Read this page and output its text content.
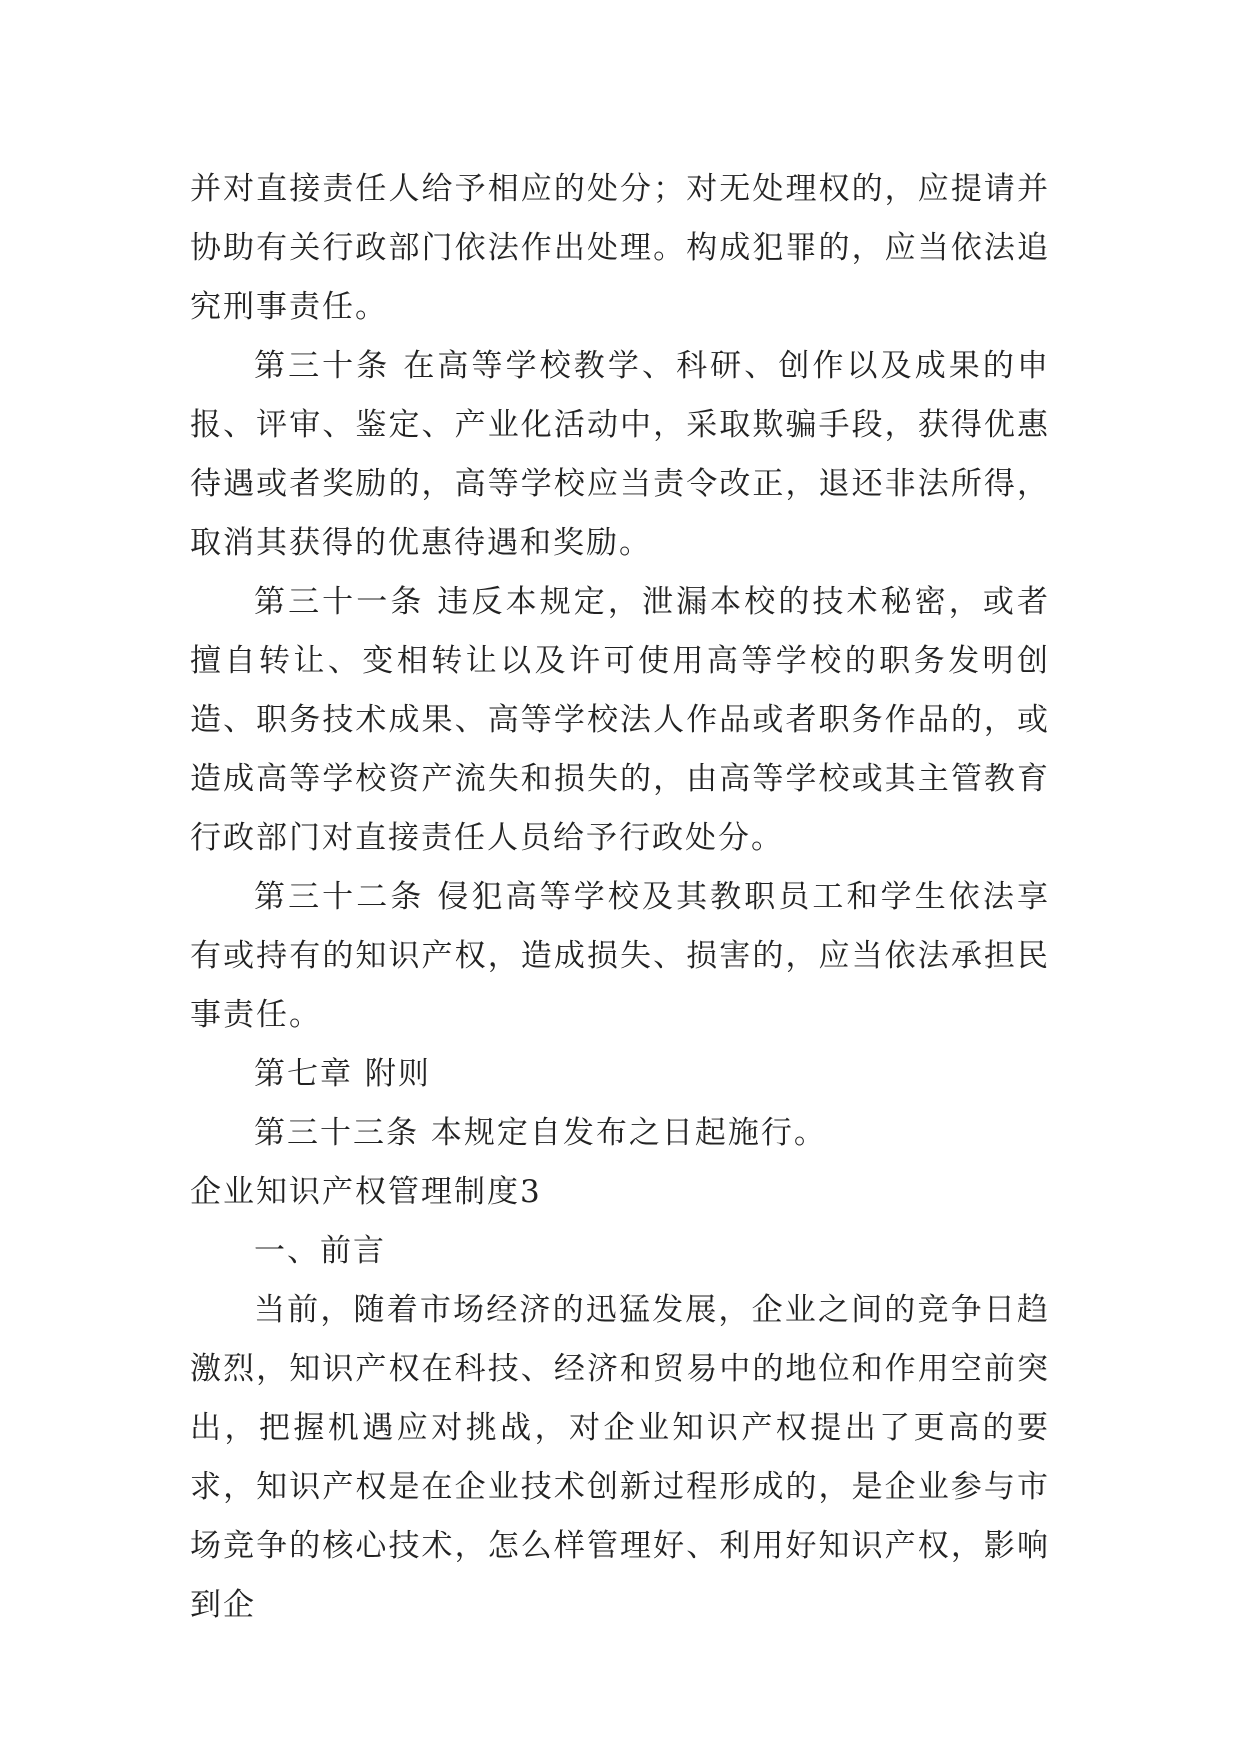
并对直接责任人给予相应的处分；对无处理权的，应提请并协助有关行政部门依法作出处理。构成犯罪的，应当依法追究刑事责任。

第三十条 在高等学校教学、科研、创作以及成果的申报、评审、鉴定、产业化活动中，采取欺骗手段，获得优惠待遇或者奖励的，高等学校应当责令改正，退还非法所得，取消其获得的优惠待遇和奖励。

第三十一条 违反本规定，泄漏本校的技术秘密，或者擅自转让、变相转让以及许可使用高等学校的职务发明创造、职务技术成果、高等学校法人作品或者职务作品的，或造成高等学校资产流失和损失的，由高等学校或其主管教育行政部门对直接责任人员给予行政处分。

第三十二条 侵犯高等学校及其教职员工和学生依法享有或持有的知识产权，造成损失、损害的，应当依法承担民事责任。

第七章 附则

第三十三条 本规定自发布之日起施行。

企业知识产权管理制度3

一、前言

当前，随着市场经济的迅猛发展，企业之间的竞争日趋激烈，知识产权在科技、经济和贸易中的地位和作用空前突出，把握机遇应对挑战，对企业知识产权提出了更高的要求，知识产权是在企业技术创新过程形成的，是企业参与市场竞争的核心技术，怎么样管理好、利用好知识产权，影响到企
